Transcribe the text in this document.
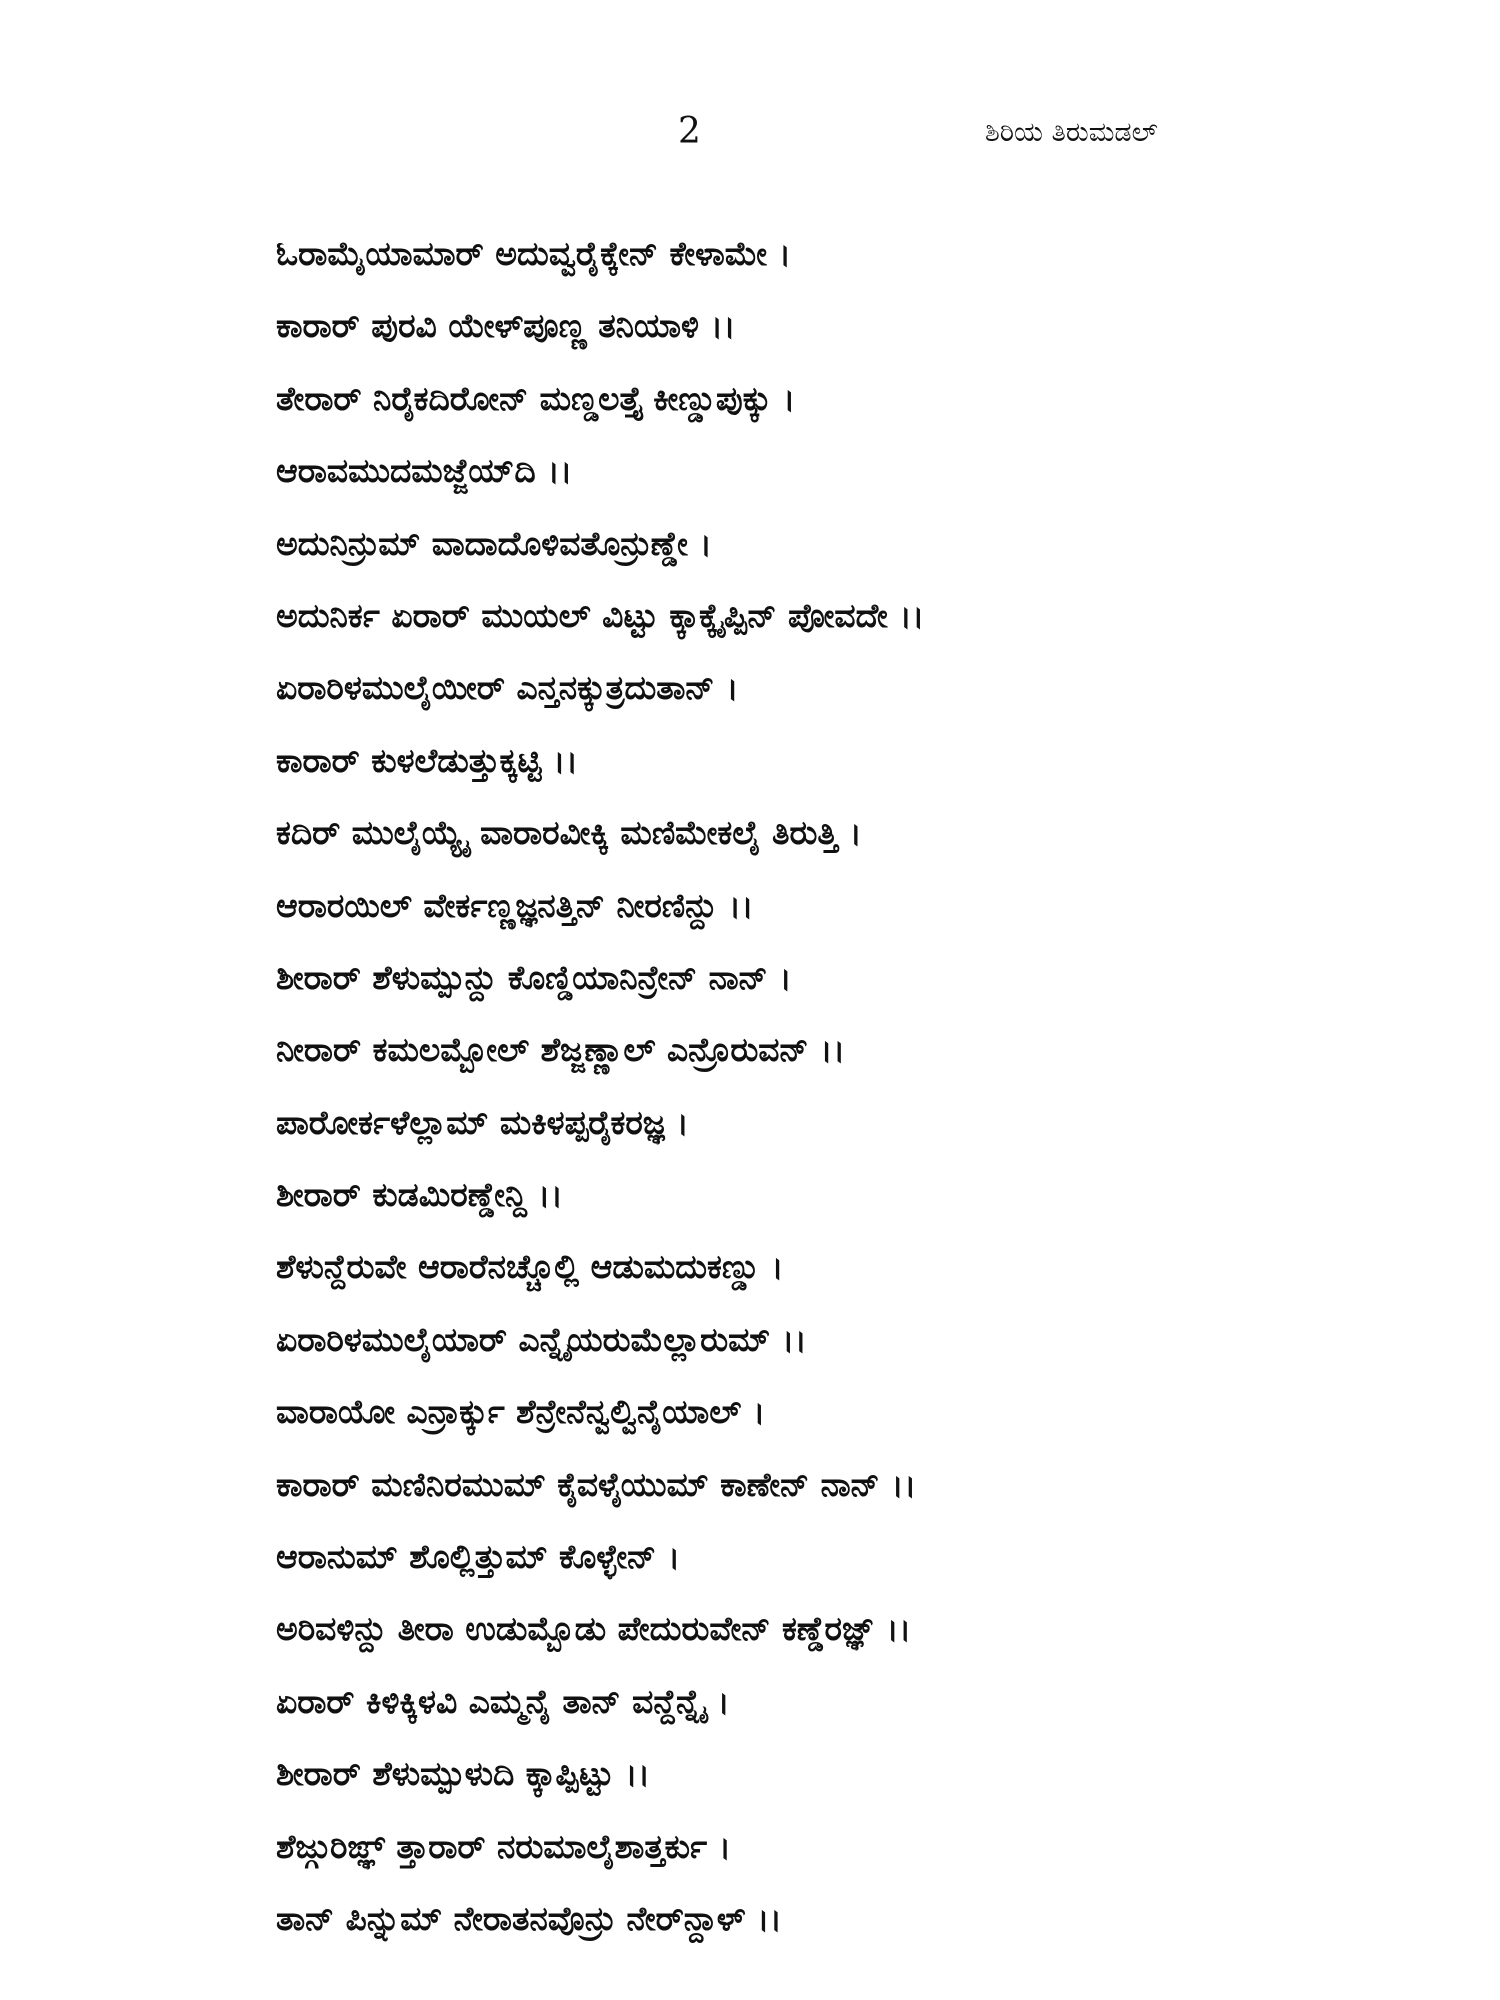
2	ಶಿರಿಯ ತಿರುಮಡಲ್
ಓರಾಮೈಯಾಮಾರ್ ಅದುವ್ವರೈಕ್ಕೇನ್ ಕೇಳಾಮೇ ।
ಕಾರಾರ್ ಪುರವಿ ಯೇಳ್‌ಪೂಣ್ಣ ತನಿಯಾಳಿ ।।
ತೇರಾರ್ ನಿರೈಕದಿರೋನ್ ಮಣ್ಡಲತ್ತೈ ಕೀಣ್ಡುಪುಕ್ಕು ।
ಆರಾವಮುದಮಜ್ಜೆಯ್‌ದಿ ।।
ಅದುನಿನ್ರುಮ್ ವಾದಾದೊಳಿವತೊನ್ರುಣ್ಡೇ ।
ಅದುನಿರ್ಕ ಏರಾರ್ ಮುಯಲ್ ವಿಟ್ಟು ಕ್ಕಾಕ್ಕೈಪ್ಪಿನ್ ಪೋವದೇ ।।
ಏರಾರಿಳಮುಲೈಯೀರ್ ಎನ್ತನಕ್ಕುತ್ರದುತಾನ್ ।
ಕಾರಾರ್ ಕುಳಲೆಡುತ್ತುಕ್ಕಟ್ಟಿ ।।
ಕದಿರ್ ಮುಲೈಯ್ಯೈ ವಾರಾರವೀಕ್ಕಿ ಮಣಿಮೇಕಲೈ ತಿರುತ್ತಿ ।
ಆರಾರಯಿಲ್ ವೇರ್ಕಣ್ಣಜ್ಞನತ್ತಿನ್ ನೀರಣಿನ್ದು ।।
ಶೀರಾರ್ ಶೆಳುಮ್ಪುನ್ದು ಕೊಣ್ಡಿಯಾನಿನ್ರೇನ್ ನಾನ್ ।
ನೀರಾರ್ ಕಮಲಮ್ಬೋಲ್ ಶೆಜ್ಜಣ್ಣಾಲ್ ಎನ್ರೊರುವನ್ ।।
ಪಾರೋರ್ಕಳೆಲ್ಲಾಮ್ ಮಕಿಳಪ್ಪರೈಕರಜ್ಞ ।
ಶೀರಾರ್ ಕುಡಮಿರಣ್ಡೇನ್ದಿ ।।
ಶೆಳುನ್ದೆರುವೇ ಆರಾರೆನಚ್ಚೊಲ್ಲಿ ಆಡುಮದುಕಣ್ಡು ।
ಏರಾರಿಳಮುಲೈಯಾರ್ ಎನ್ನೈಯರುಮೆಲ್ಲಾರುಮ್ ।।
ವಾರಾಯೋ ಎನ್ರಾರ್ಕ್ಕು ಶೆನ್ರೇನೆನ್ವಲ್ವಿನೈಯಾಲ್ ।
ಕಾರಾರ್ ಮಣಿನಿರಮುಮ್ ಕೈವಳೈಯುಮ್ ಕಾಣೇನ್ ನಾನ್ ।।
ಆರಾನುಮ್ ಶೊಲ್ಲಿತ್ತುಮ್ ಕೊಳ್ಳೇನ್ ।
ಅರಿವಳಿನ್ದು ತೀರಾ ಉಡುಮ್ಬೊಡು ಪೇದುರುವೇನ್ ಕಣ್ಡೆರಜ್ಞ್ ।।
ಏರಾರ್ ಕಿಳಿಕ್ಕಿಳವಿ ಎಮ್ಮನೈ ತಾನ್ ವನ್ದೆನ್ನೈ ।
ಶೀರಾರ್ ಶೆಳುಮ್ಪುಳುದಿ ಕ್ಕಾಪ್ಪಿಟ್ಟು ।।
ಶೆಜ್ಗುರಿಙ್ಞ್ ತ್ತಾರಾರ್ ನರುಮಾಲೈಶಾತ್ತರ್ಕು ।
ತಾನ್ ಪಿನ್ನುಮ್ ನೇರಾತನವೊನ್ರು ನೇರ್‌ನ್ದಾಳ್ ।।
